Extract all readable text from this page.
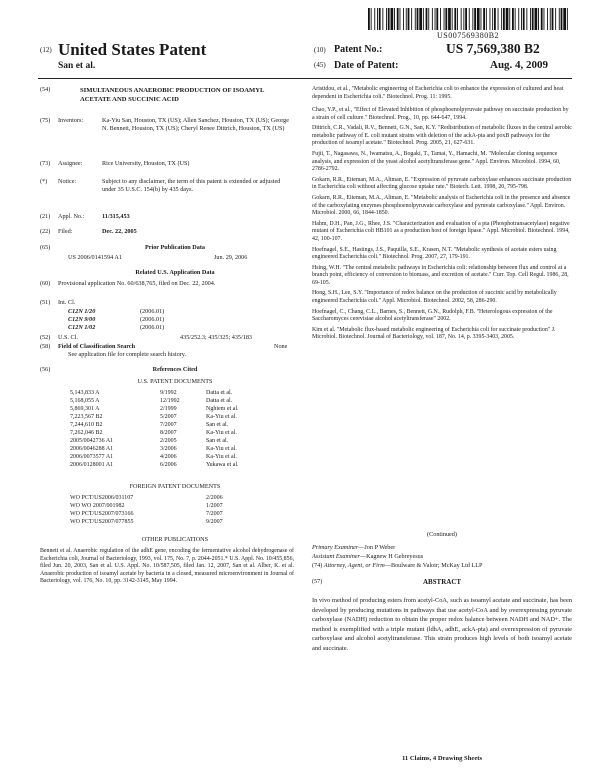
US007569380B2
(12) United States Patent
San et al.
(10) Patent No.:	US 7,569,380 B2
(45) Date of Patent:	Aug. 4, 2009
(54)	SIMULTANEOUS ANAEROBIC PRODUCTION OF ISOAMYL ACETATE AND SUCCINIC ACID
(75) Inventors:	Ka-Yiu San, Houston, TX (US); Allen Sanchez, Houston, TX (US); George N. Bennett, Houston, TX (US); Cheryl Renee Dittrich, Houston, TX (US)
(73) Assignee:	Rice University, Houston, TX (US)
(*) Notice:	Subject to any disclaimer, the term of this patent is extended or adjusted under 35 U.S.C. 154(b) by 435 days.
(21) Appl. No.:	11/315,453
(22) Filed:	Dec. 22, 2005
(65)	Prior Publication Data
US 2006/0141594 A1	Jun. 29, 2006
Related U.S. Application Data
(60) Provisional application No. 60/638,765, filed on Dec. 22, 2004.
(51) Int. Cl.
C12N 1/20	(2006.01)
C12N 9/00	(2006.01)
C12N 1/02	(2006.01)
(52) U.S. Cl.	435/252.3; 435/325; 435/183
(58) Field of Classification Search	None
See application file for complete search history.
(56)	References Cited
U.S. PATENT DOCUMENTS
5,143,833 A	9/1992	Datta et al.
5,168,055 A	12/1992	Datta et al.
5,869,301 A	2/1999	Nghiem et al.
7,223,567 B2	5/2007	Ka-Yiu et al.
7,244,610 B2	7/2007	San et al.
7,262,046 B2	8/2007	Ka-Yiu et al.
2005/0042736 A1	2/2005	San et al.
2006/0046288 A1	3/2006	Ka-Yiu et al.
2006/0073577 A1	4/2006	Ka-Yiu et al.
2006/0128001 A1	6/2006	Yukawa et al.
FOREIGN PATENT DOCUMENTS
WO PCT/US2006/031107	2/2006
WO WO 2007/001982	1/2007
WO PCT/US2007/073166	7/2007
WO PCT/US2007/077855	9/2007
OTHER PUBLICATIONS
Bennett et al. Anaerobic regulation of the adhE gene, encoding the fermentative alcohol dehydrogenase of Escherichia coli, Journal of Bacteriology, 1993, vol. 175, No. 7, p. 2044-2051.* U.S. Appl. No. 10/455,856, filed Jun. 20, 2003, San et al. U.S. Appl. No. 10/587,505, filed Jan. 12, 2007, San et al. Alber, K. et al. Anaerobic production of isoamyl acetate by bacteria in a closed, measured microenvironment in Journal of Bacteriology, vol. 176, No. 10, pp. 3142-3145, May 1994.
Aristidou, et al., "Metabolic engineering of Escherichia coli to enhance the expression of cultured and heat dependent in Escherichia coli." Biotechnol. Prog. 11: 1995.
Chao, Y.P., et al., "Effect of Elevated Inhibition of phosphoenolpyruvate pathway on succinate production by a strain of cell culture." Biotechnol. Prog., 10, pp. 644-647, 1994.
Dittrich, C.R., Vadali, R.V., Bennett, G.N., San, K.Y. "Redistribution of metabolic fluxes in the central aerobic metabolic pathway of E. coli mutant strains with deletion of the ackA-pta and poxB pathways for the production of isoamyl acetate." Biotechnol. Prog. 2005, 21, 627-631.
Fujii, T., Nagasawa, N., Iwamatsu, A., Bogaki, T., Tamai, Y., Hamachi, M. "Molecular cloning sequence analysis, and expression of the yeast alcohol acetyltransferase gene." Appl. Environ. Microbiol. 1994, 60, 2786-2792.
Gokarn, R.R., Eiteman, M.A., Altman, E. "Expression of pyruvate carboxylase enhances succinate production in Escherichia coli without affecting glucose uptake rate." Biotech. Lett. 1998, 20, 795-798.
Gokarn, R.R., Eiteman, M.A., Altman, E. "Metabolic analysis of Escherichia coli in the presence and absence of the carboxylating enzymes phosphoenolpyruvate carboxylase and pyruvate carboxylase." Appl. Environ. Microbiol. 2000, 66, 1844-1850.
Hahm, D.H., Pan, J.G., Rhee, J.S. "Characterization and evaluation of a pta (Phosphotransacetylase) negative mutant of Escherichia coli HB101 as a production host of foreign lipase." Appl. Microbiol. Biotechnol. 1994, 42, 100-107.
Hoefnagel, S.E., Hastings, J.S., Paquilla, S.E., Krasen, N.T. "Metabolic synthesis of acetate esters using engineered Escherichia coli." Biotechnol. Prog. 2007, 27, 179-191.
Hsing, W.H. "The central metabolic pathways in Escherichia coli: relationship between flux and control at a branch point, efficiency of conversion to biomass, and excretion of acetate." Curr. Top. Cell Regul. 1986, 28, 69-105.
Hong, S.H., Lee, S.Y. "Importance of redox balance on the production of succinic acid by metabolically engineered Escherichia coli." Appl. Microbiol. Biotechnol. 2002, 58, 286-290.
Hoefnagel, C., Chang, C.L., Barnes, S., Bennett, G.N., Rudolph, F.B. "Heterologous expression of the Saccharomyces cerevisiae alcohol acetyltransferase" 2002.
Kim et al. "Metabolic flux-based metabolic engineering of Escherichia coli for succinate production" J. Microbiol. Biotechnol. Journal of Bacteriology, vol. 187, No. 14, p. 3395-3403, 2005.
(Continued)
Primary Examiner—Jon P Weber
Assistant Examiner—Kagnew H Gebreyesus
(74) Attorney, Agent, or Firm—Boulware & Valoir; McKay Ltd LLP
(57)	ABSTRACT
In vivo method of producing esters from acetyl-CoA, such as isoamyl acetate and succinate, has been developed by producing mutations in pathways that use acetyl-CoA and by overexpressing pyruvate carboxylase (NADH) reduction to obtain the proper redox balance between NADH and NAD+. The method is exemplified with a triple mutant (ldhA, adhE, ackA-pta) and overexpression of pyruvate carboxylase and alcohol acetyltransferase. This strain produces high levels of both isoamyl acetate and succinate.
11 Claims, 4 Drawing Sheets
